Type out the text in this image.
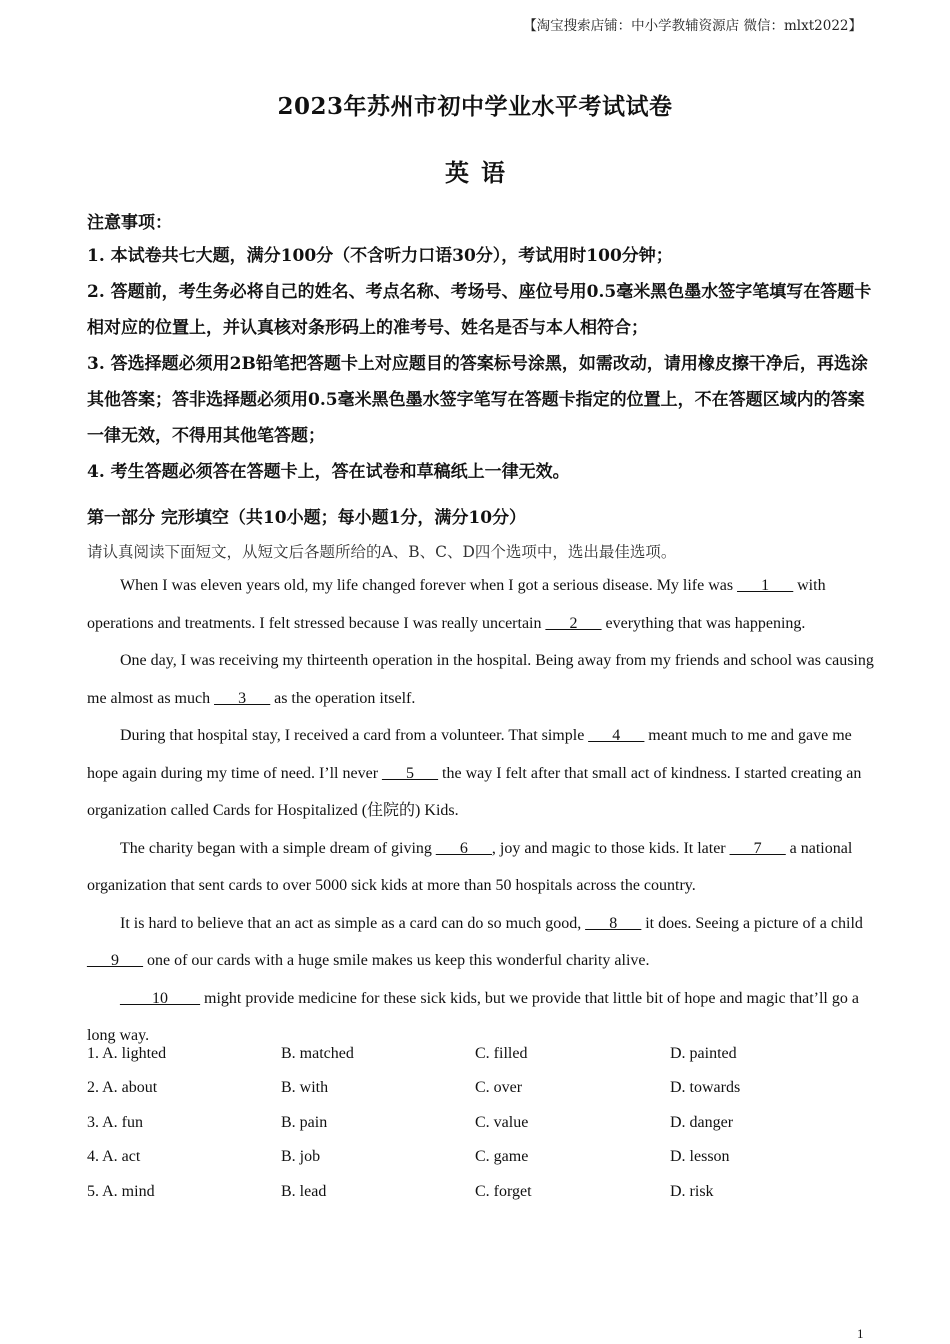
【淘宝搜索店铺：中小学教辅资源店 微信：mlxt2022】
2023年苏州市初中学业水平考试试卷
英语
注意事项：
1. 本试卷共七大题，满分100分（不含听力口语30分），考试用时100分钟；
2. 答题前，考生务必将自己的姓名、考点名称、考场号、座位号用0.5毫米黑色墨水签字笔填写在答题卡相对应的位置上，并认真核对条形码上的准考号、姓名是否与本人相符合；
3. 答选择题必须用2B铅笔把答题卡上对应题目的答案标号涂黑，如需改动，请用橡皮擦干净后，再选涂其他答案；答非选择题必须用0.5毫米黑色墨水签字笔写在答题卡指定的位置上，不在答题区域内的答案一律无效，不得用其他笔答题；
4. 考生答题必须答在答题卡上，答在试卷和草稿纸上一律无效。
第一部分 完形填空（共10小题；每小题1分，满分10分）
请认真阅读下面短文，从短文后各题所给的A、B、C、D四个选项中，选出最佳选项。

When I was eleven years old, my life changed forever when I got a serious disease. My life was ___1___ with operations and treatments. I felt stressed because I was really uncertain ___2___ everything that was happening.

One day, I was receiving my thirteenth operation in the hospital. Being away from my friends and school was causing me almost as much ___3___ as the operation itself.

During that hospital stay, I received a card from a volunteer. That simple ___4___ meant much to me and gave me hope again during my time of need. I’ll never ___5___ the way I felt after that small act of kindness. I started creating an organization called Cards for Hospitalized (住院的) Kids.

The charity began with a simple dream of giving ___6___, joy and magic to those kids. It later ___7___ a national organization that sent cards to over 5000 sick kids at more than 50 hospitals across the country.

It is hard to believe that an act as simple as a card can do so much good, ___8___ it does. Seeing a picture of a child ___9___ one of our cards with a huge smile makes us keep this wonderful charity alive.

____10____ might provide medicine for these sick kids, but we provide that little bit of hope and magic that’ll go a long way.

1. A. lighted	B. matched	C. filled	D. painted
2. A. about	B. with	C. over	D. towards
3. A. fun	B. pain	C. value	D. danger
4. A. act	B. job	C. game	D. lesson
5. A. mind	B. lead	C. forget	D. risk
1
